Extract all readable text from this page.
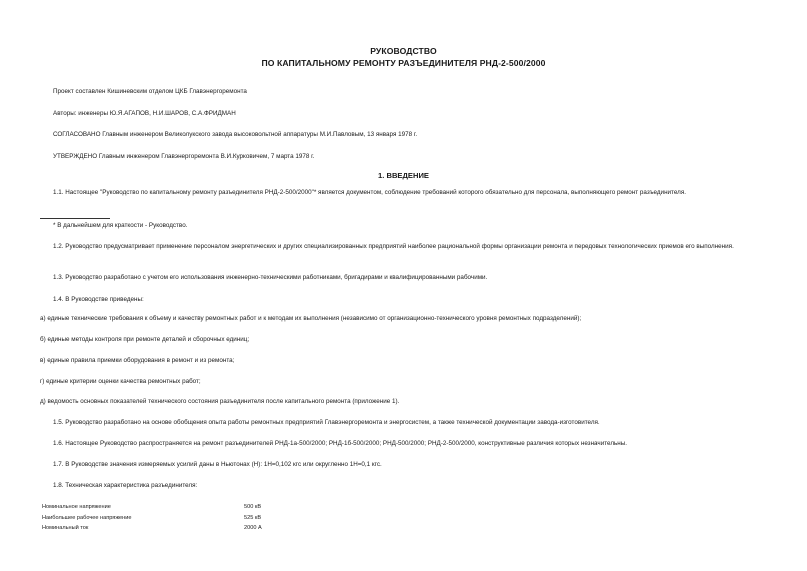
РУКОВОДСТВО
ПО КАПИТАЛЬНОМУ РЕМОНТУ РАЗЪЕДИНИТЕЛЯ РНД-2-500/2000
Проект составлен Кишиневским отделом ЦКБ Главэнергоремонта
Авторы: инженеры Ю.Я.АГАПОВ, Н.И.ШАРОВ, С.А.ФРИДМАН
СОГЛАСОВАНО Главным инженером Великолукского завода высоковольтной аппаратуры М.И.Павловым, 13 января 1978 г.
УТВЕРЖДЕНО Главным инженером Главэнергоремонта В.И.Курковичем, 7 марта 1978 г.
1. ВВЕДЕНИЕ
1.1. Настоящее "Руководство по капитальному ремонту разъединителя РНД-2-500/2000"* является документом, соблюдение требований которого обязательно для персонала, выполняющего ремонт разъединителя.
* В дальнейшем для краткости - Руководство.
1.2. Руководство предусматривает применение персоналом энергетических и других специализированных предприятий наиболее рациональной формы организации ремонта и передовых технологических приемов его выполнения.
1.3. Руководство разработано с учетом его использования инженерно-техническими работниками, бригадирами и квалифицированными рабочими.
1.4. В Руководстве приведены:
а) единые технические требования к объему и качеству ремонтных работ и к методам их выполнения (независимо от организационно-технического уровня ремонтных подразделений);
б) единые методы контроля при ремонте деталей и сборочных единиц;
в) единые правила приемки оборудования в ремонт и из ремонта;
г) единые критерии оценки качества ремонтных работ;
д) ведомость основных показателей технического состояния разъединителя после капитального ремонта (приложение 1).
1.5. Руководство разработано на основе обобщения опыта работы ремонтных предприятий Главэнергоремонта и энергосистем, а также технической документации завода-изготовителя.
1.6. Настоящее Руководство распространяется на ремонт разъединителей РНД-1а-500/2000; РНД-1б-500/2000; РНД-500/2000; РНД-2-500/2000, конструктивные различия которых незначительны.
1.7. В Руководстве значения измеряемых усилий даны в Ньютонах (Н): 1Н=0,102 кгс или округленно 1Н=0,1 кгс.
1.8. Техническая характеристика разъединителя:
Номинальное напряжение	500 кВ
Наибольшее рабочее напряжение	525 кВ
Номинальный ток	2000 А
